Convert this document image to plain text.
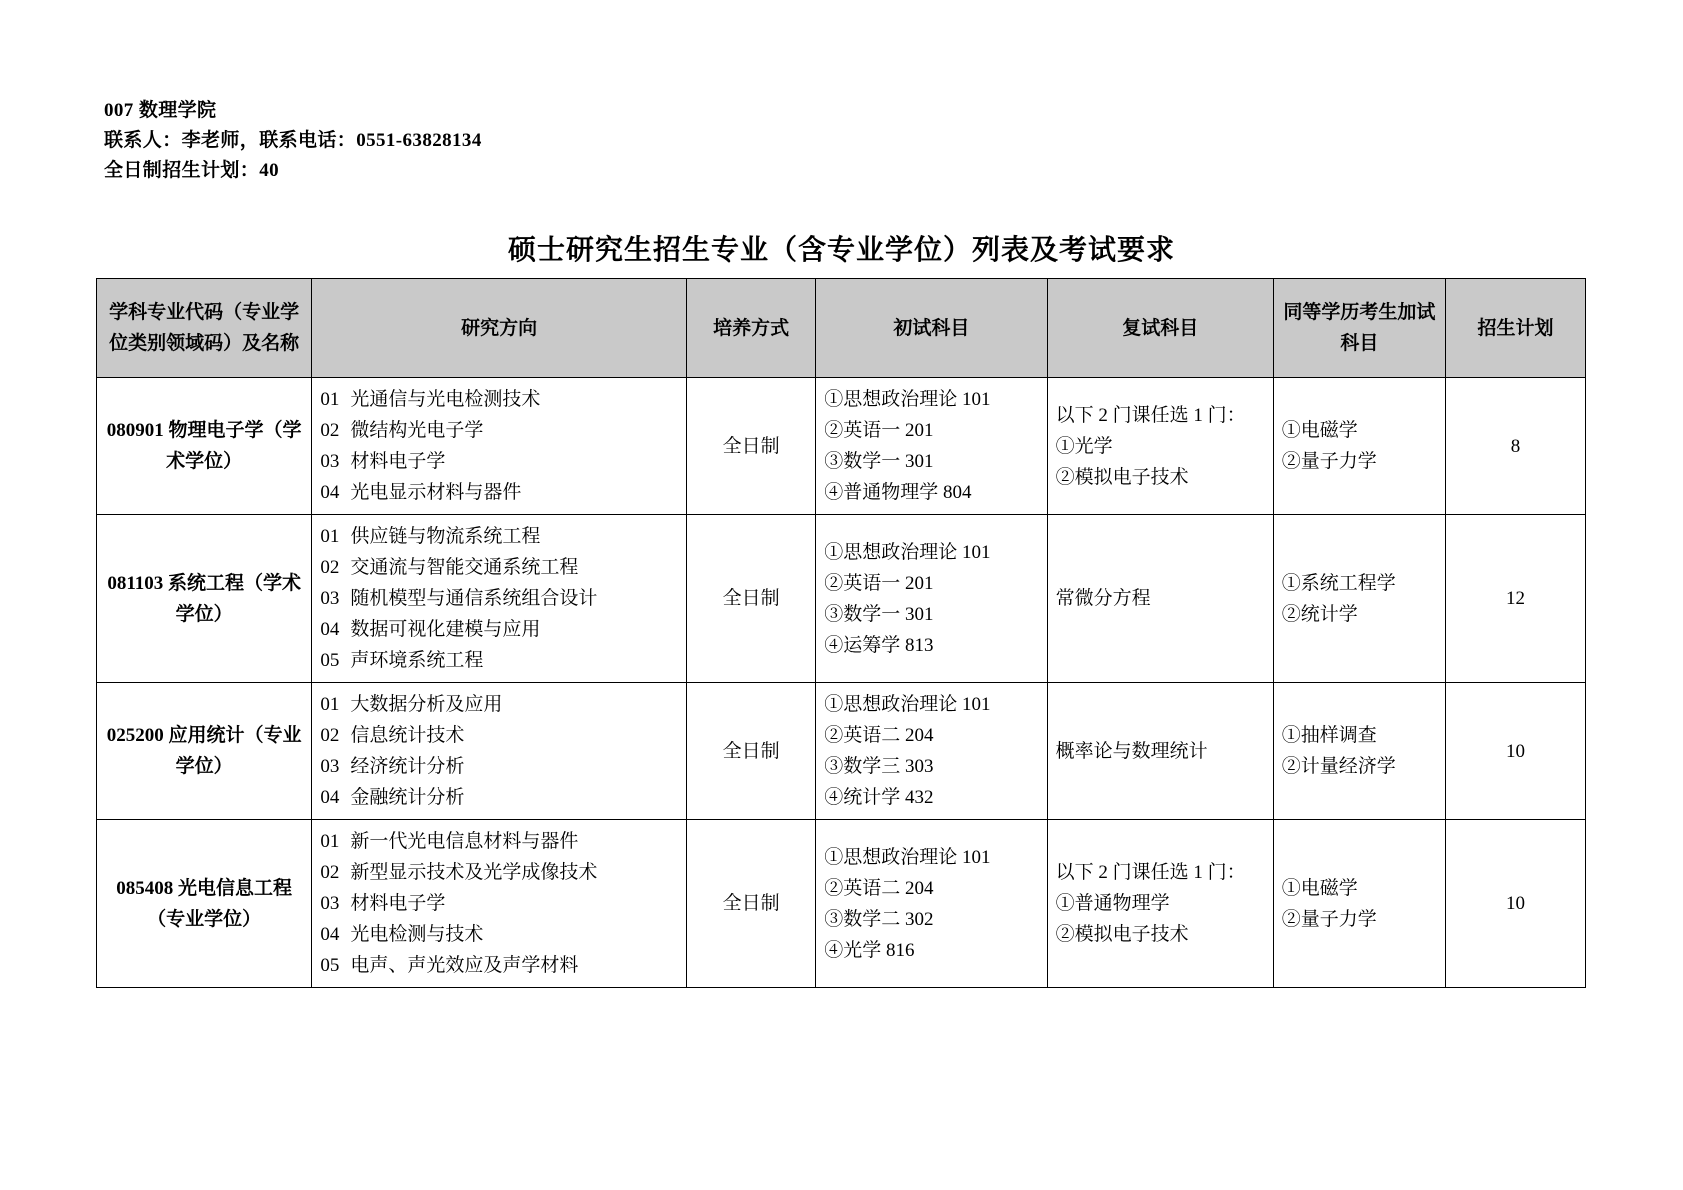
007 数理学院
联系人：李老师，联系电话：0551-63828134
全日制招生计划：40
硕士研究生招生专业（含专业学位）列表及考试要求
学科专业代码（专业学位类别领域码）及名称	研究方向	培养方式	初试科目	复试科目	同等学历考生加试科目	招生计划
080901 物理电子学（学术学位）	01 光通信与光电检测技术
02 微结构光电子学
03 材料电子学
04 光电显示材料与器件	全日制	①思想政治理论 101
②英语一 201
③数学一 301
④普通物理学 804	以下 2 门课任选 1 门：
①光学
②模拟电子技术	①电磁学
②量子力学	8
081103 系统工程（学术学位）	01 供应链与物流系统工程
02 交通流与智能交通系统工程
03 随机模型与通信系统组合设计
04 数据可视化建模与应用
05 声环境系统工程	全日制	①思想政治理论 101
②英语一 201
③数学一 301
④运筹学 813	常微分方程	①系统工程学
②统计学	12
025200 应用统计（专业学位）	01 大数据分析及应用
02 信息统计技术
03 经济统计分析
04 金融统计分析	全日制	①思想政治理论 101
②英语二 204
③数学三 303
④统计学 432	概率论与数理统计	①抽样调查
②计量经济学	10
085408 光电信息工程（专业学位）	01 新一代光电信息材料与器件
02 新型显示技术及光学成像技术
03 材料电子学
04 光电检测与技术
05 电声、声光效应及声学材料	全日制	①思想政治理论 101
②英语二 204
③数学二 302
④光学 816	以下 2 门课任选 1 门：
①普通物理学
②模拟电子技术	①电磁学
②量子力学	10
